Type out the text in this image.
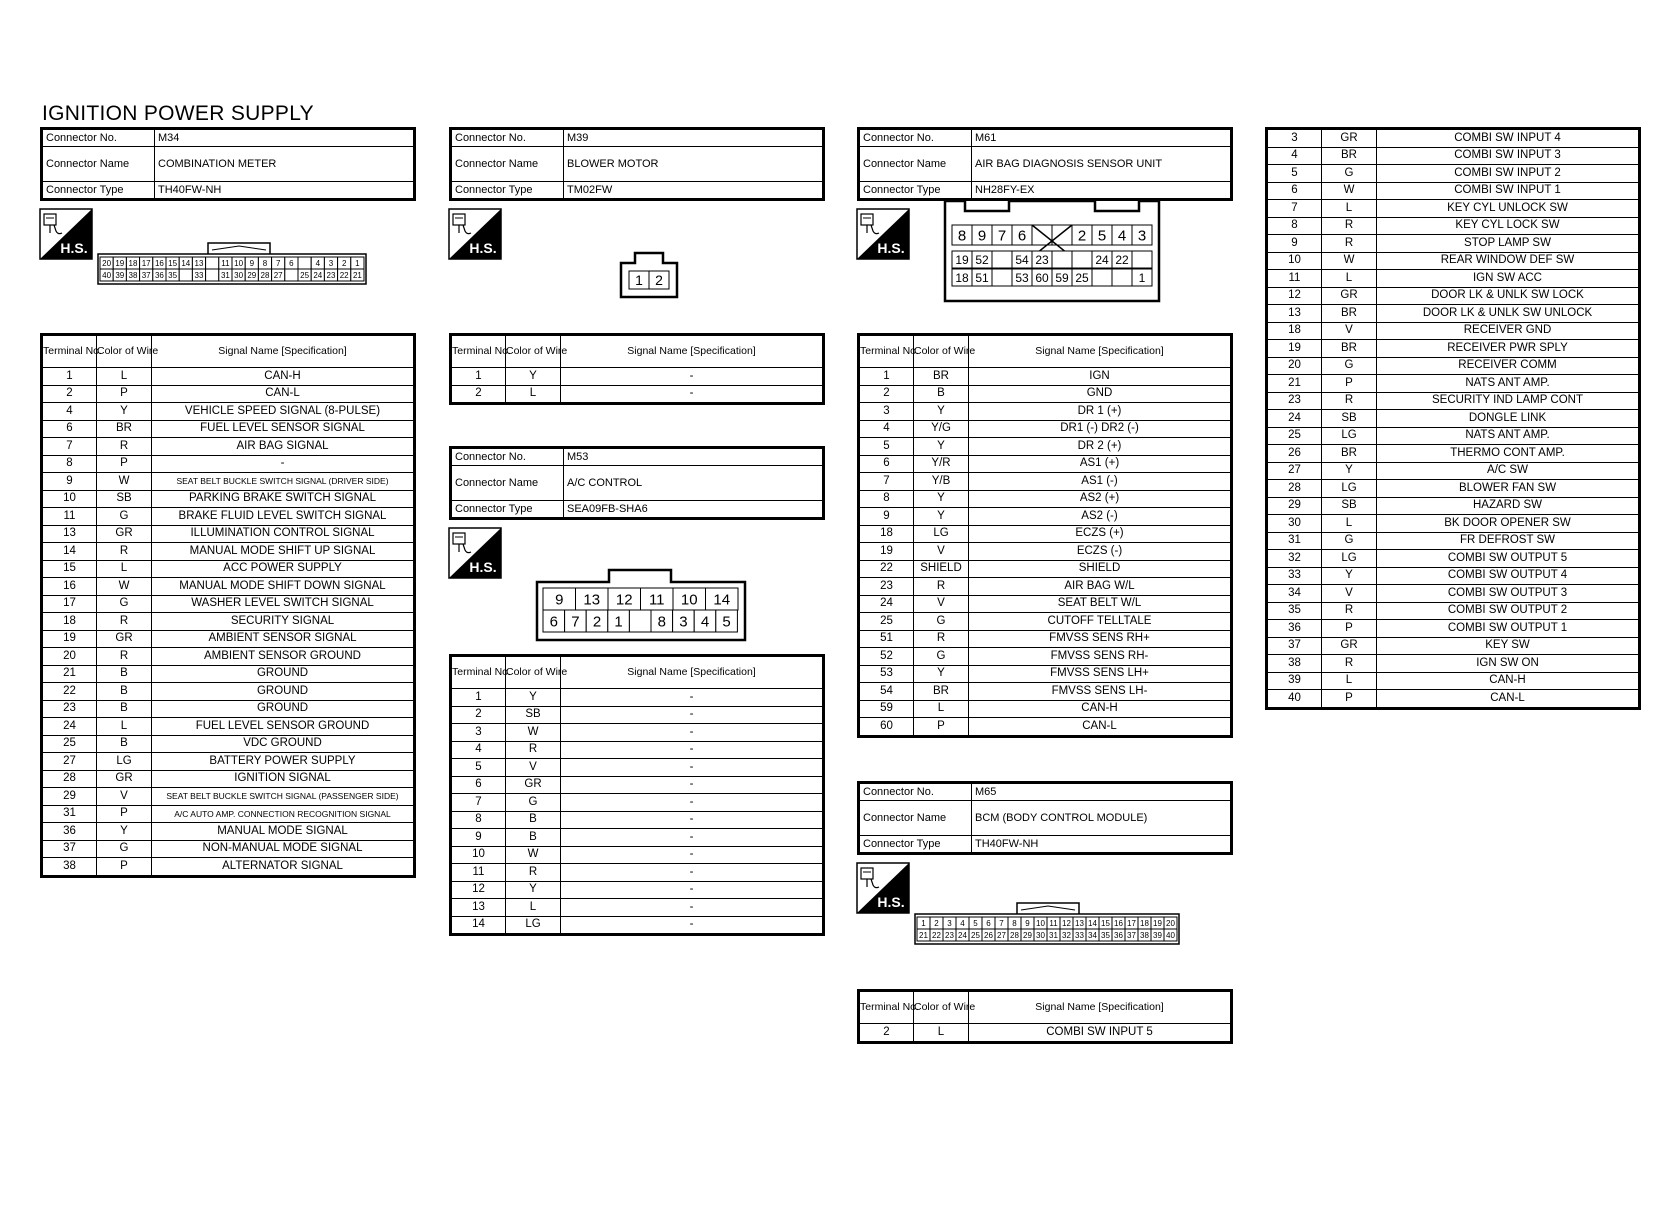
IGNITION POWER SUPPLY
Connector No.	M34
Connector Name	COMBINATION METER
Connector Type	TH40FW-NH
H.S.
20 19 18 17 16 15 14 13 11 10 9 8 7 6	4 3 2 1
40 39 38 37 36 35 33 31 30 29 28 27 25 24 23 22 21
Terminal No.	Color of Wire	Signal Name [Specification]
1	L	CAN-H
2	P	CAN-L
4	Y	VEHICLE SPEED SIGNAL (8-PULSE)
6	BR	FUEL LEVEL SENSOR SIGNAL
7	R	AIR BAG SIGNAL
8	P	-
9	W	SEAT BELT BUCKLE SWITCH SIGNAL (DRIVER SIDE)
10	SB	PARKING BRAKE SWITCH SIGNAL
11	G	BRAKE FLUID LEVEL SWITCH SIGNAL
13	GR	ILLUMINATION CONTROL SIGNAL
14	R	MANUAL MODE SHIFT UP SIGNAL
15	L	ACC POWER SUPPLY
16	W	MANUAL MODE SHIFT DOWN SIGNAL
17	G	WASHER LEVEL SWITCH SIGNAL
18	R	SECURITY SIGNAL
19	GR	AMBIENT SENSOR SIGNAL
20	R	AMBIENT SENSOR GROUND
21	B	GROUND
22	B	GROUND
23	B	GROUND
24	L	FUEL LEVEL SENSOR GROUND
25	B	VDC GROUND
27	LG	BATTERY POWER SUPPLY
28	GR	IGNITION SIGNAL
29	V	SEAT BELT BUCKLE SWITCH SIGNAL (PASSENGER SIDE)
31	P	A/C AUTO AMP. CONNECTION RECOGNITION SIGNAL
36	Y	MANUAL MODE SIGNAL
37	G	NON-MANUAL MODE SIGNAL
38	P	ALTERNATOR SIGNAL
Connector No.	M39
Connector Name	BLOWER MOTOR
Connector Type	TM02FW
H.S.
1 2
Terminal No.	Color of Wire	Signal Name [Specification]
1	Y	-
2	L	-
Connector No.	M53
Connector Name	A/C CONTROL
Connector Type	SEA09FB-SHA6
H.S.
9 13 12 11 10 14
6 7 2 1 8 3 4 5
Terminal No.	Color of Wire	Signal Name [Specification]
1	Y	-
2	SB	-
3	W	-
4	R	-
5	V	-
6	GR	-
7	G	-
8	B	-
9	B	-
10	W	-
11	R	-
12	Y	-
13	L	-
14	LG	-
Connector No.	M61
Connector Name	AIR BAG DIAGNOSIS SENSOR UNIT
Connector Type	NH28FY-EX
H.S.
8 9 7 6	2 5 4 3
19 52 54 23	24 22
18 51 53 60 59 25	1
Terminal No.	Color of Wire	Signal Name [Specification]
1	BR	IGN
2	B	GND
3	Y	DR 1 (+)
4	Y/G	DR1 (-) DR2 (-)
5	Y	DR 2 (+)
6	Y/R	AS1 (+)
7	Y/B	AS1 (-)
8	Y	AS2 (+)
9	Y	AS2 (-)
18	LG	ECZS (+)
19	V	ECZS (-)
22	SHIELD	SHIELD
23	R	AIR BAG W/L
24	V	SEAT BELT W/L
25	G	CUTOFF TELLTALE
51	R	FMVSS SENS RH+
52	G	FMVSS SENS RH-
53	Y	FMVSS SENS LH+
54	BR	FMVSS SENS LH-
59	L	CAN-H
60	P	CAN-L
Connector No.	M65
Connector Name	BCM (BODY CONTROL MODULE)
Connector Type	TH40FW-NH
H.S.
1 2 3 4 5 6 7 8 9 10 11 12 13 14 15 16 17 18 19 20
21 22 23 24 25 26 27 28 29 30 31 32 33 34 35 36 37 38 39 40
Terminal No.	Color of Wire	Signal Name [Specification]
2	L	COMBI SW INPUT 5
3	GR	COMBI SW INPUT 4
4	BR	COMBI SW INPUT 3
5	G	COMBI SW INPUT 2
6	W	COMBI SW INPUT 1
7	L	KEY CYL UNLOCK SW
8	R	KEY CYL LOCK SW
9	R	STOP LAMP SW
10	W	REAR WINDOW DEF SW
11	L	IGN SW ACC
12	GR	DOOR LK & UNLK SW LOCK
13	BR	DOOR LK & UNLK SW UNLOCK
18	V	RECEIVER GND
19	BR	RECEIVER PWR SPLY
20	G	RECEIVER COMM
21	P	NATS ANT AMP.
23	R	SECURITY IND LAMP CONT
24	SB	DONGLE LINK
25	LG	NATS ANT AMP.
26	BR	THERMO CONT AMP.
27	Y	A/C SW
28	LG	BLOWER FAN SW
29	SB	HAZARD SW
30	L	BK DOOR OPENER SW
31	G	FR DEFROST SW
32	LG	COMBI SW OUTPUT 5
33	Y	COMBI SW OUTPUT 4
34	V	COMBI SW OUTPUT 3
35	R	COMBI SW OUTPUT 2
36	P	COMBI SW OUTPUT 1
37	GR	KEY SW
38	R	IGN SW ON
39	L	CAN-H
40	P	CAN-L
